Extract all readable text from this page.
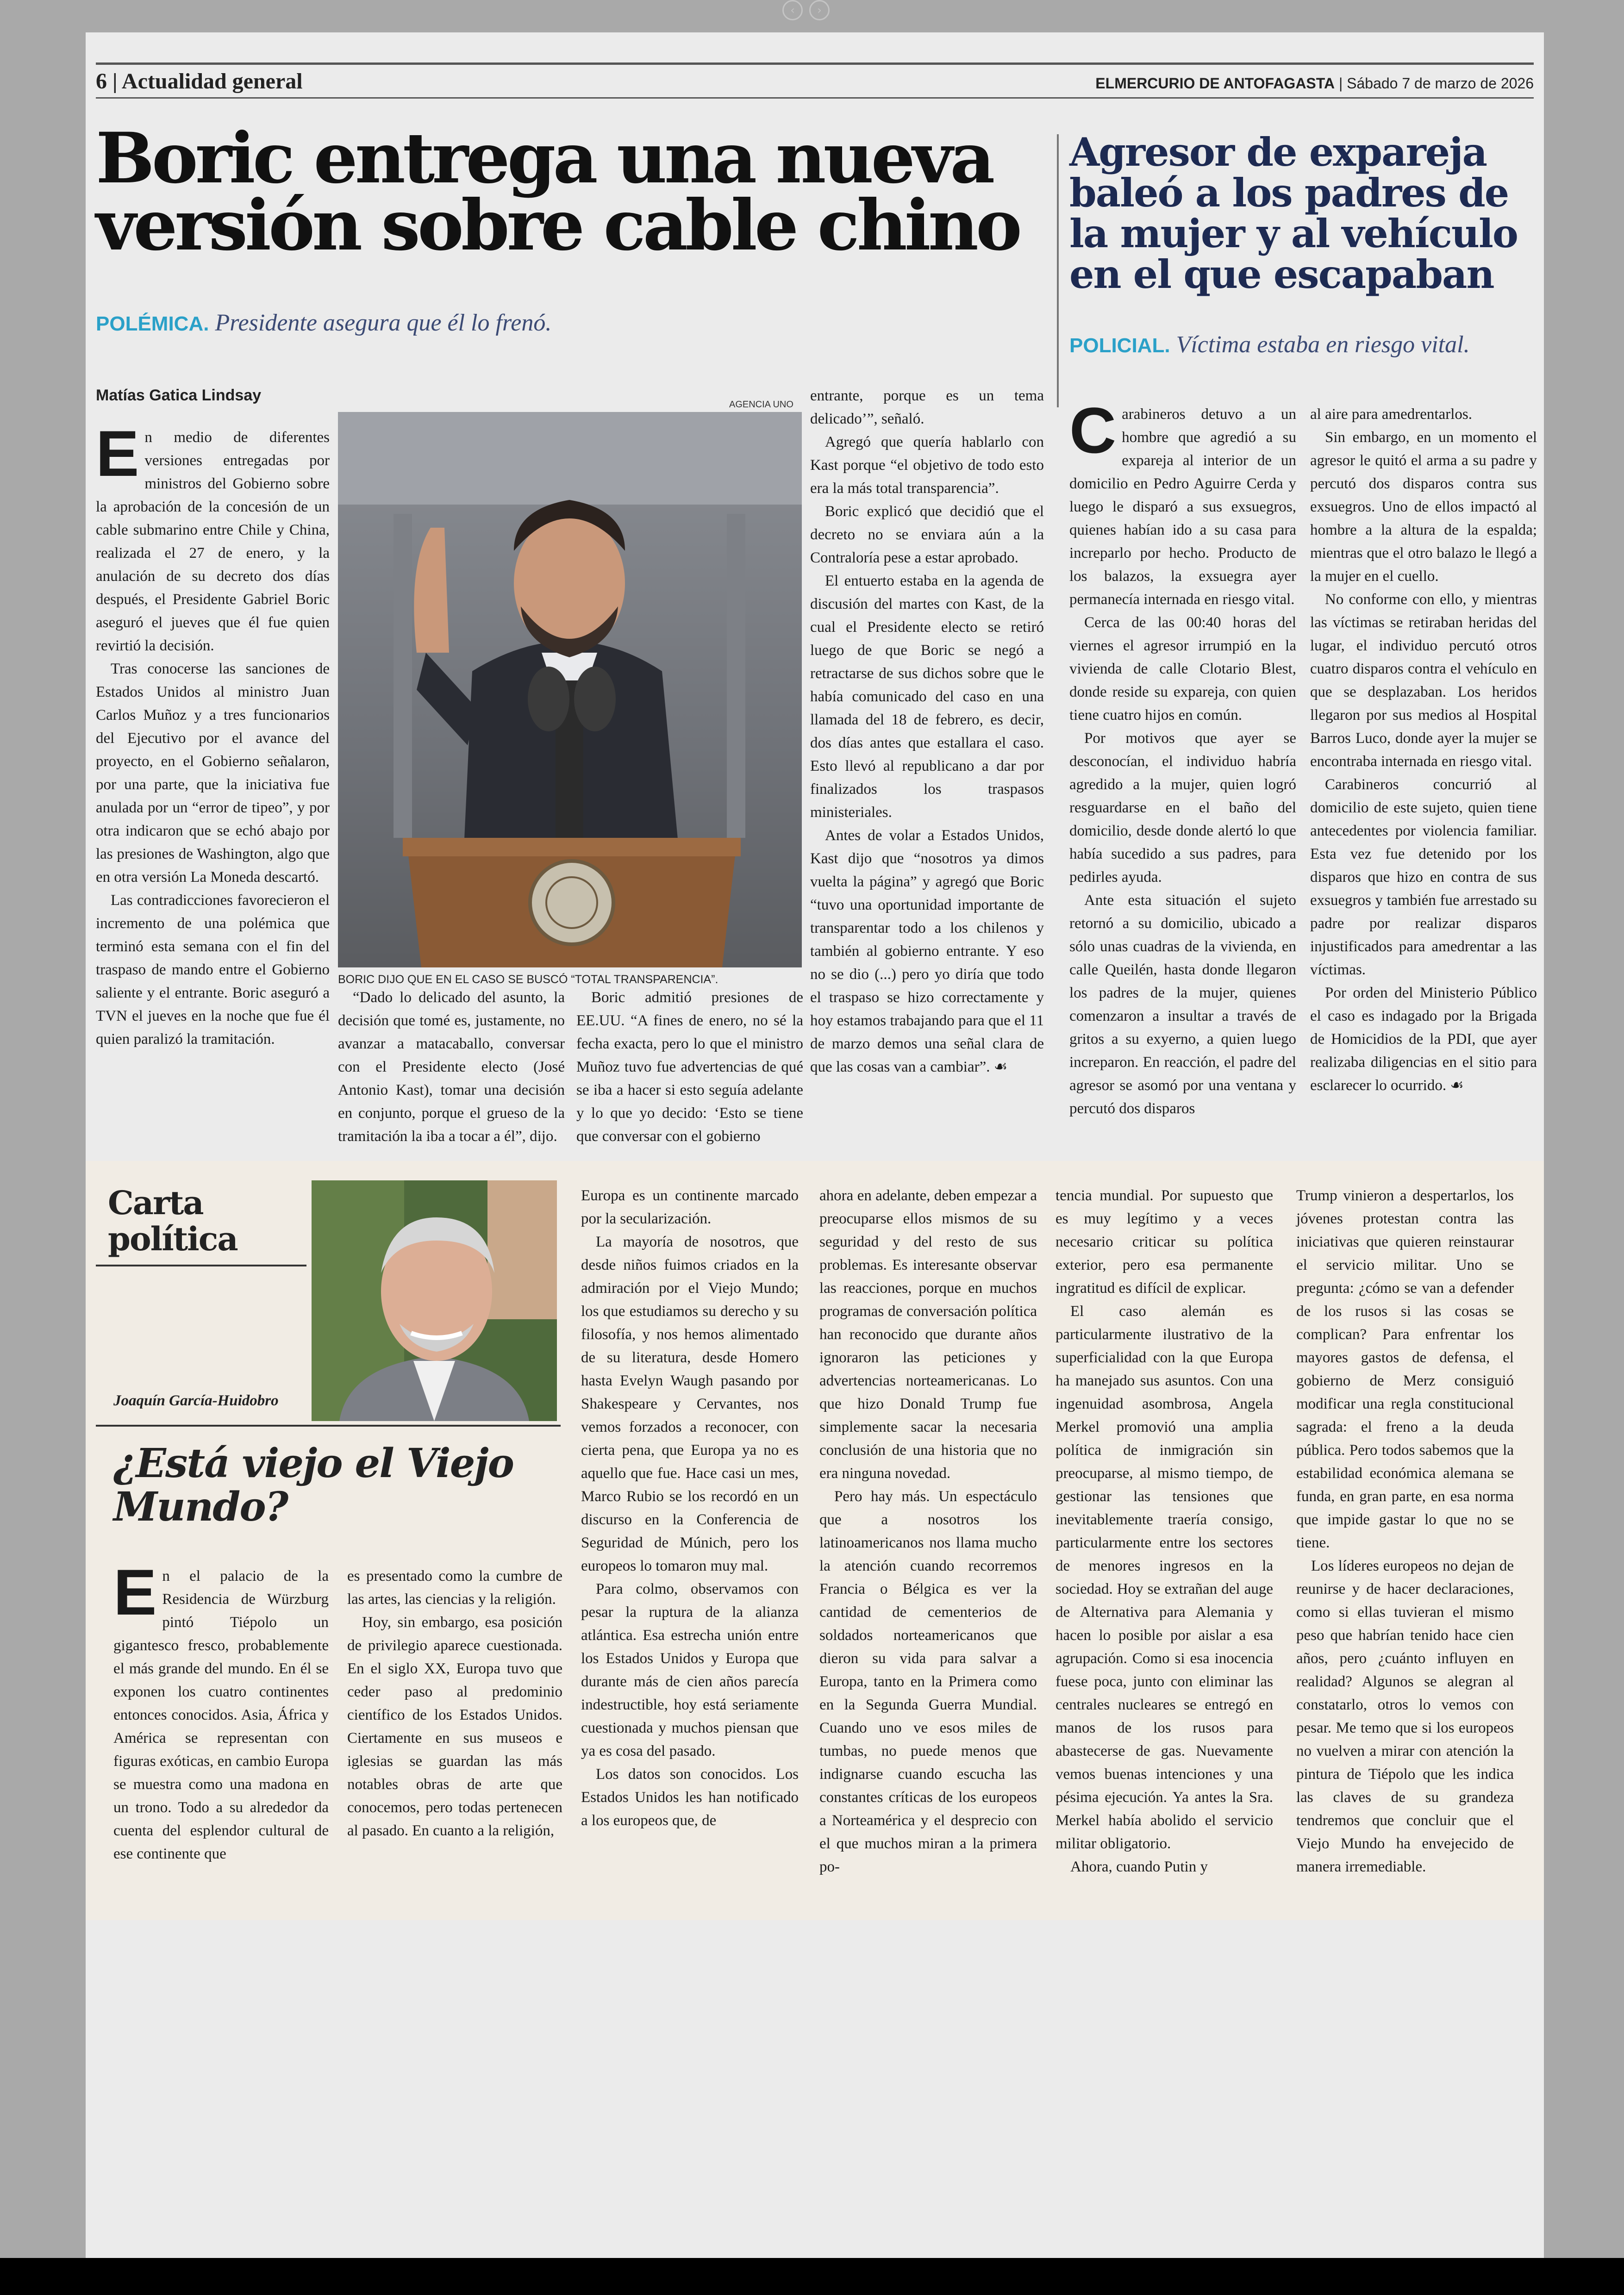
‹ ›
6 | Actualidad general	ELMERCURIO DE ANTOFAGASTA | Sábado 7 de marzo de 2026
Boric entrega una nueva
versión sobre cable chino
POLÉMICA. Presidente asegura que él lo frenó.
Matías Gatica Lindsay

En medio de diferentes versiones entregadas por ministros del Gobierno sobre la aprobación de la concesión de un cable submarino entre Chile y China, realizada el 27 de enero, y la anulación de su decreto dos días después, el Presidente Gabriel Boric aseguró el jueves que él fue quien revirtió la decisión.

Tras conocerse las sanciones de Estados Unidos al ministro Juan Carlos Muñoz y a tres funcionarios del Ejecutivo por el avance del proyecto, en el Gobierno señalaron, por una parte, que la iniciativa fue anulada por un “error de tipeo”, y por otra indicaron que se echó abajo por las presiones de Washington, algo que en otra versión La Moneda descartó.

Las contradicciones favorecieron el incremento de una polémica que terminó esta semana con el fin del traspaso de mando entre el Gobierno saliente y el entrante. Boric aseguró a TVN el jueves en la noche que fue él quien paralizó la tramitación.

AGENCIA UNO
BORIC DIJO QUE EN EL CASO SE BUSCÓ “TOTAL TRANSPARENCIA”.

“Dado lo delicado del asunto, la decisión que tomé es, justamente, no avanzar a matacaballo, conversar con el Presidente electo (José Antonio Kast), tomar una decisión en conjunto, porque el grueso de la tramitación la iba a tocar a él”, dijo.

Boric admitió presiones de EE.UU. “A fines de enero, no sé la fecha exacta, pero lo que el ministro Muñoz tuvo fue advertencias de qué se iba a hacer si esto seguía adelante y lo que yo decido: ‘Esto se tiene que conversar con el gobierno

entrante, porque es un tema delicado’”, señaló.

Agregó que quería hablarlo con Kast porque “el objetivo de todo esto era la más total transparencia”.

Boric explicó que decidió que el decreto no se enviara aún a la Contraloría pese a estar aprobado.

El entuerto estaba en la agenda de discusión del martes con Kast, de la cual el Presidente electo se retiró luego de que Boric se negó a retractarse de sus dichos sobre que le había comunicado del caso en una llamada del 18 de febrero, es decir, dos días antes que estallara el caso. Esto llevó al republicano a dar por finalizados los traspasos ministeriales.

Antes de volar a Estados Unidos, Kast dijo que “nosotros ya dimos vuelta la página” y agregó que Boric “tuvo una oportunidad importante de transparentar todo a los chilenos y también al gobierno entrante. Y eso no se dio (...) pero yo diría que todo el traspaso se hizo correctamente y hoy estamos trabajando para que el 11 de marzo demos una señal clara de que las cosas van a cambiar”. ☙

Agresor de expareja baleó a los padres de la mujer y al vehículo en el que escapaban
POLICIAL. Víctima estaba en riesgo vital.

Carabineros detuvo a un hombre que agredió a su expareja al interior de un domicilio en Pedro Aguirre Cerda y luego le disparó a sus exsuegros, quienes habían ido a su casa para increparlo por hecho. Producto de los balazos, la exsuegra ayer permanecía internada en riesgo vital.

Cerca de las 00:40 horas del viernes el agresor irrumpió en la vivienda de calle Clotario Blest, donde reside su expareja, con quien tiene cuatro hijos en común.

Por motivos que ayer se desconocían, el individuo habría agredido a la mujer, quien logró resguardarse en el baño del domicilio, desde donde alertó lo que había sucedido a sus padres, para pedirles ayuda.

Ante esta situación el sujeto retornó a su domicilio, ubicado a sólo unas cuadras de la vivienda, en calle Queilén, hasta donde llegaron los padres de la mujer, quienes comenzaron a insultar a través de gritos a su exyerno, a quien luego increparon. En reacción, el padre del agresor se asomó por una ventana y percutó dos disparos

al aire para amedrentarlos.

Sin embargo, en un momento el agresor le quitó el arma a su padre y percutó dos disparos contra sus exsuegros. Uno de ellos impactó al hombre a la altura de la espalda; mientras que el otro balazo le llegó a la mujer en el cuello.

No conforme con ello, y mientras las víctimas se retiraban heridas del lugar, el individuo percutó otros cuatro disparos contra el vehículo en que se desplazaban. Los heridos llegaron por sus medios al Hospital Barros Luco, donde ayer la mujer se encontraba internada en riesgo vital.

Carabineros concurrió al domicilio de este sujeto, quien tiene antecedentes por violencia familiar. Esta vez fue detenido por los disparos que hizo en contra de sus exsuegros y también fue arrestado su padre por realizar disparos injustificados para amedrentar a las víctimas.

Por orden del Ministerio Público el caso es indagado por la Brigada de Homicidios de la PDI, que ayer realizaba diligencias en el sitio para esclarecer lo ocurrido. ☙

Carta política
Joaquín García-Huidobro
¿Está viejo el Viejo Mundo?

En el palacio de la Residencia de Würzburg pintó Tiépolo un gigantesco fresco, probablemente el más grande del mundo. En él se exponen los cuatro continentes entonces conocidos. Asia, África y América se representan con figuras exóticas, en cambio Europa se muestra como una madona en un trono. Todo a su alrededor da cuenta del esplendor cultural de ese continente que

es presentado como la cumbre de las artes, las ciencias y la religión.

Hoy, sin embargo, esa posición de privilegio aparece cuestionada. En el siglo XX, Europa tuvo que ceder paso al predominio científico de los Estados Unidos. Ciertamente en sus museos e iglesias se guardan las más notables obras de arte que conocemos, pero todas pertenecen al pasado. En cuanto a la religión,

Europa es un continente marcado por la secularización.

La mayoría de nosotros, que desde niños fuimos criados en la admiración por el Viejo Mundo; los que estudiamos su derecho y su filosofía, y nos hemos alimentado de su literatura, desde Homero hasta Evelyn Waugh pasando por Shakespeare y Cervantes, nos vemos forzados a reconocer, con cierta pena, que Europa ya no es aquello que fue. Hace casi un mes, Marco Rubio se los recordó en un discurso en la Conferencia de Seguridad de Múnich, pero los europeos lo tomaron muy mal.

Para colmo, observamos con pesar la ruptura de la alianza atlántica. Esa estrecha unión entre los Estados Unidos y Europa que durante más de cien años parecía indestructible, hoy está seriamente cuestionada y muchos piensan que ya es cosa del pasado.

Los datos son conocidos. Los Estados Unidos les han notificado a los europeos que, de

ahora en adelante, deben empezar a preocuparse ellos mismos de su seguridad y del resto de sus problemas. Es interesante observar las reacciones, porque en muchos programas de conversación política han reconocido que durante años ignoraron las peticiones y advertencias norteamericanas. Lo que hizo Donald Trump fue simplemente sacar la necesaria conclusión de una historia que no era ninguna novedad.

Pero hay más. Un espectáculo que a nosotros los latinoamericanos nos llama mucho la atención cuando recorremos Francia o Bélgica es ver la cantidad de cementerios de soldados norteamericanos que dieron su vida para salvar a Europa, tanto en la Primera como en la Segunda Guerra Mundial. Cuando uno ve esos miles de tumbas, no puede menos que indignarse cuando escucha las constantes críticas de los europeos a Norteamérica y el desprecio con el que muchos miran a la primera po-

tencia mundial. Por supuesto que es muy legítimo y a veces necesario criticar su política exterior, pero esa permanente ingratitud es difícil de explicar.

El caso alemán es particularmente ilustrativo de la superficialidad con la que Europa ha manejado sus asuntos. Con una ingenuidad asombrosa, Angela Merkel promovió una amplia política de inmigración sin preocuparse, al mismo tiempo, de gestionar las tensiones que inevitablemente traería consigo, particularmente entre los sectores de menores ingresos en la sociedad. Hoy se extrañan del auge de Alternativa para Alemania y hacen lo posible por aislar a esa agrupación. Como si esa inocencia fuese poca, junto con eliminar las centrales nucleares se entregó en manos de los rusos para abastecerse de gas. Nuevamente vemos buenas intenciones y una pésima ejecución. Ya antes la Sra. Merkel había abolido el servicio militar obligatorio.

Ahora, cuando Putin y

Trump vinieron a despertarlos, los jóvenes protestan contra las iniciativas que quieren reinstaurar el servicio militar. Uno se pregunta: ¿cómo se van a defender de los rusos si las cosas se complican? Para enfrentar los mayores gastos de defensa, el gobierno de Merz consiguió modificar una regla constitucional sagrada: el freno a la deuda pública. Pero todos sabemos que la estabilidad económica alemana se funda, en gran parte, en esa norma que impide gastar lo que no se tiene.

Los líderes europeos no dejan de reunirse y de hacer declaraciones, como si ellas tuvieran el mismo peso que habrían tenido hace cien años, pero ¿cuánto influyen en realidad? Algunos se alegran al constatarlo, otros lo vemos con pesar. Me temo que si los europeos no vuelven a mirar con atención la pintura de Tiépolo que les indica las claves de su grandeza tendremos que concluir que el Viejo Mundo ha envejecido de manera irremediable.
